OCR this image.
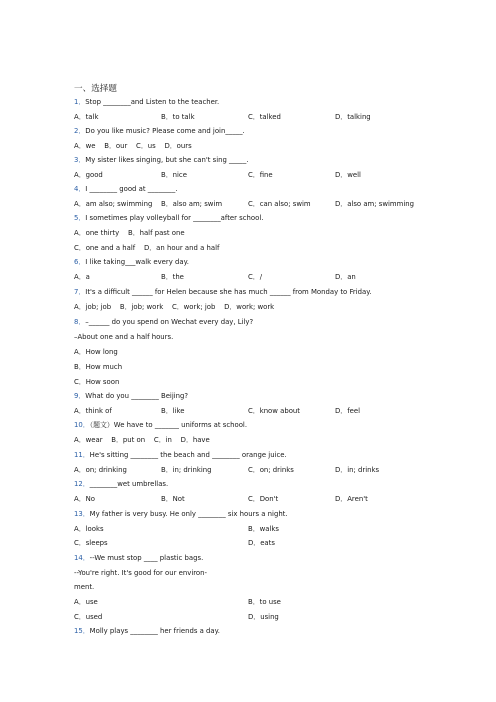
一、选择题
1．Stop ________and Listen to the teacher.
A．talk	B．to talk	C．talked	D．talking
2．Do you like music? Please come and join_____.
A．we    B．our    C．us    D．ours
3．My sister likes singing, but she can't sing _____.
A．good	B．nice	C．fine	D．well
4．I ________ good at ________.
A．am also; swimming B．also am; swim	C．can also; swim	D．also am; swimming
5．I sometimes play volleyball for ________after school.
A．one thirty    B．half past one
C．one and a half    D．an hour and a half
6．I like taking___walk every day.
A．a	B．the	C．/	D．an
7．It's a difficult ______ for Helen because she has much ______ from Monday to Friday.
A．job; job    B．job; work    C．work; job    D．work; work
8．–______ do you spend on Wechat every day, Lily?
–About one and a half hours.
A．How long
B．How much
C．How soon
9．What do you ________ Beijing?
A．think of	B．like	C．know about	D．feel
10．（题文）We have to _______ uniforms at school.
A．wear    B．put on    C．in    D．have
11．He's sitting ________ the beach and ________ orange juice.
A．on; drinking	B．in; drinking	C．on; drinks	D．in; drinks
12．________wet umbrellas.
A．No	B．Not	C．Don't	D．Aren't
13．My father is very busy. He only ________ six hours a night.
A．looks	B．walks
C．sleeps	D．eats
14．--We must stop ____ plastic bags.
--You're right. It's good for our environ-
ment.
A．use	B．to use
C．used	D．using
15．Molly plays ________ her friends a day.
